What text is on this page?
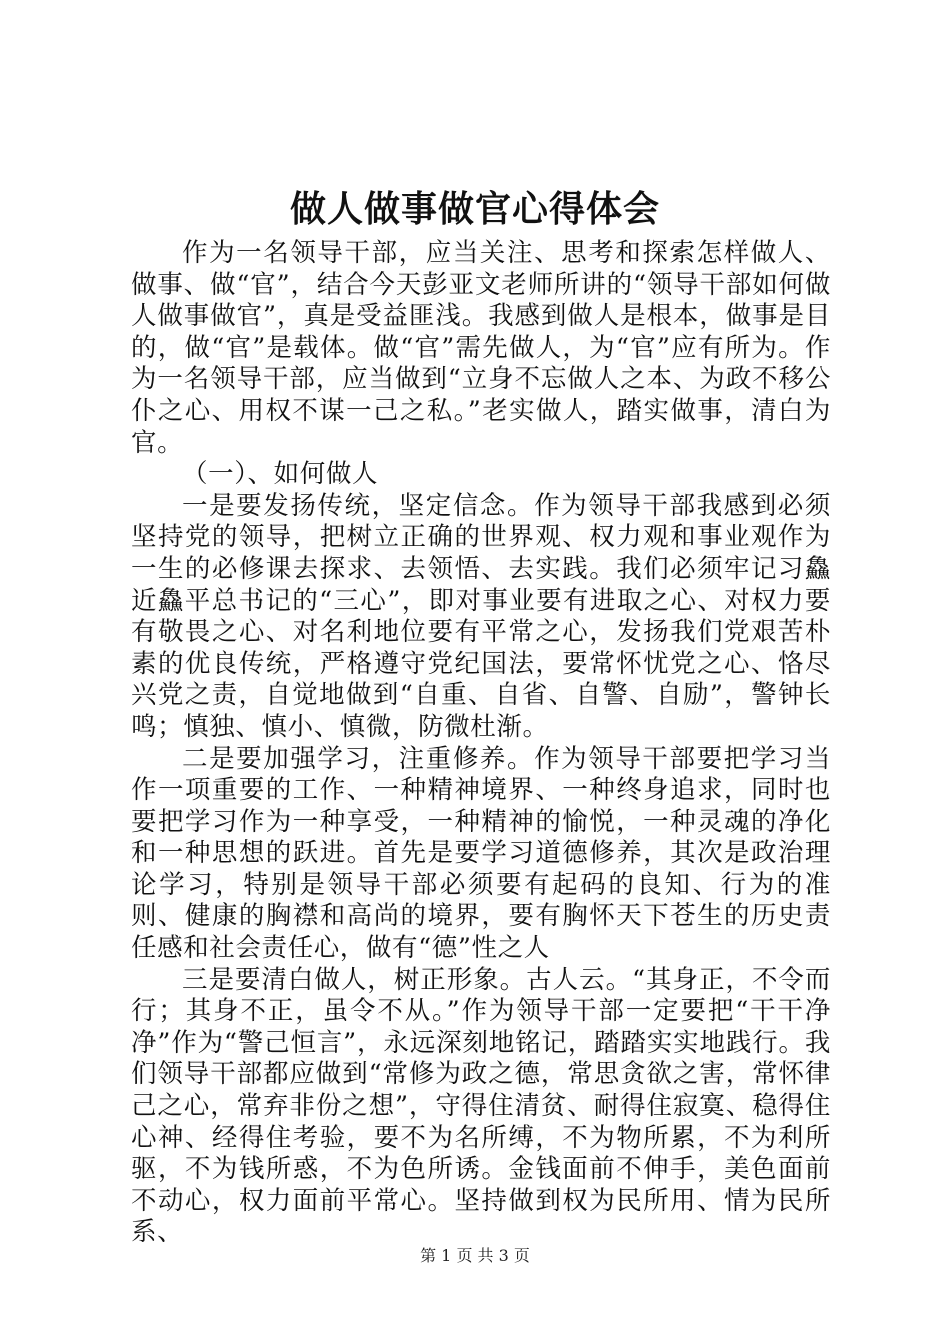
做人做事做官心得体会

作为一名领导干部，应当关注、思考和探索怎样做人、做事、做“官”，结合今天彭亚文老师所讲的“领导干部如何做人做事做官”，真是受益匪浅。我感到做人是根本，做事是目的，做“官”是载体。做“官”需先做人，为“官”应有所为。作为一名领导干部，应当做到“立身不忘做人之本、为政不移公仆之心、用权不谋一己之私。”老实做人，踏实做事，清白为官。

（一）、如何做人

一是要发扬传统，坚定信念。作为领导干部我感到必须坚持党的领导，把树立正确的世界观、权力观和事业观作为一生的必修课去探求、去领悟、去实践。我们必须牢记习鱻近鱻平总书记的“三心”，即对事业要有进取之心、对权力要有敬畏之心、对名利地位要有平常之心，发扬我们党艰苦朴素的优良传统，严格遵守党纪国法，要常怀忧党之心、恪尽兴党之责，自觉地做到“自重、自省、自警、自励”，警钟长鸣；慎独、慎小、慎微，防微杜渐。

二是要加强学习，注重修养。作为领导干部要把学习当作一项重要的工作、一种精神境界、一种终身追求，同时也要把学习作为一种享受，一种精神的愉悦，一种灵魂的净化和一种思想的跃进。首先是要学习道德修养，其次是政治理论学习，特别是领导干部必须要有起码的良知、行为的准则、健康的胸襟和高尚的境界，要有胸怀天下苍生的历史责任感和社会责任心，做有“德”性之人

三是要清白做人，树正形象。古人云。“其身正，不令而行；其身不正，虽令不从。”作为领导干部一定要把“干干净净”作为“警己恒言”，永远深刻地铭记，踏踏实实地践行。我们领导干部都应做到“常修为政之德，常思贪欲之害，常怀律己之心，常弃非份之想”，守得住清贫、耐得住寂寞、稳得住心神、经得住考验，要不为名所缚，不为物所累，不为利所驱，不为钱所惑，不为色所诱。金钱面前不伸手，美色面前不动心，权力面前平常心。坚持做到权为民所用、情为民所系、

第 1 页 共 3 页
